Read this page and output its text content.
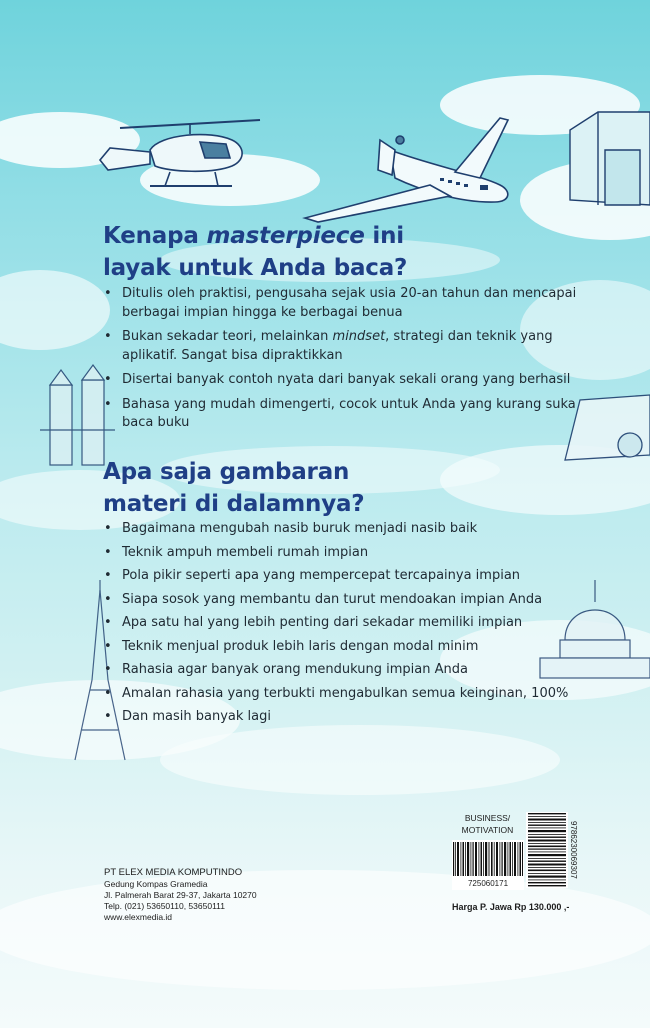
Kenapa masterpiece ini
layak untuk Anda baca?
• Ditulis oleh praktisi, pengusaha sejak usia 20-an tahun dan mencapai berbagai impian hingga ke berbagai benua
• Bukan sekadar teori, melainkan mindset, strategi dan teknik yang aplikatif. Sangat bisa dipraktikkan
• Disertai banyak contoh nyata dari banyak sekali orang yang berhasil
• Bahasa yang mudah dimengerti, cocok untuk Anda yang kurang suka baca buku
Apa saja gambaran
materi di dalamnya?
• Bagaimana mengubah nasib buruk menjadi nasib baik
• Teknik ampuh membeli rumah impian
• Pola pikir seperti apa yang mempercepat tercapainya impian
• Siapa sosok yang membantu dan turut mendoakan impian Anda
• Apa satu hal yang lebih penting dari sekadar memiliki impian
• Teknik menjual produk lebih laris dengan modal minim
• Rahasia agar banyak orang mendukung impian Anda
• Amalan rahasia yang terbukti mengabulkan semua keinginan, 100%
• Dan masih banyak lagi
PT ELEX MEDIA KOMPUTINDO
Gedung Kompas Gramedia
Jl. Palmerah Barat 29-37, Jakarta 10270
Telp. (021) 53650110, 53650111
www.elexmedia.id
BUSINESS/
MOTIVATION
725060171
9786230069307
Harga P. Jawa Rp 130.000 ,-
